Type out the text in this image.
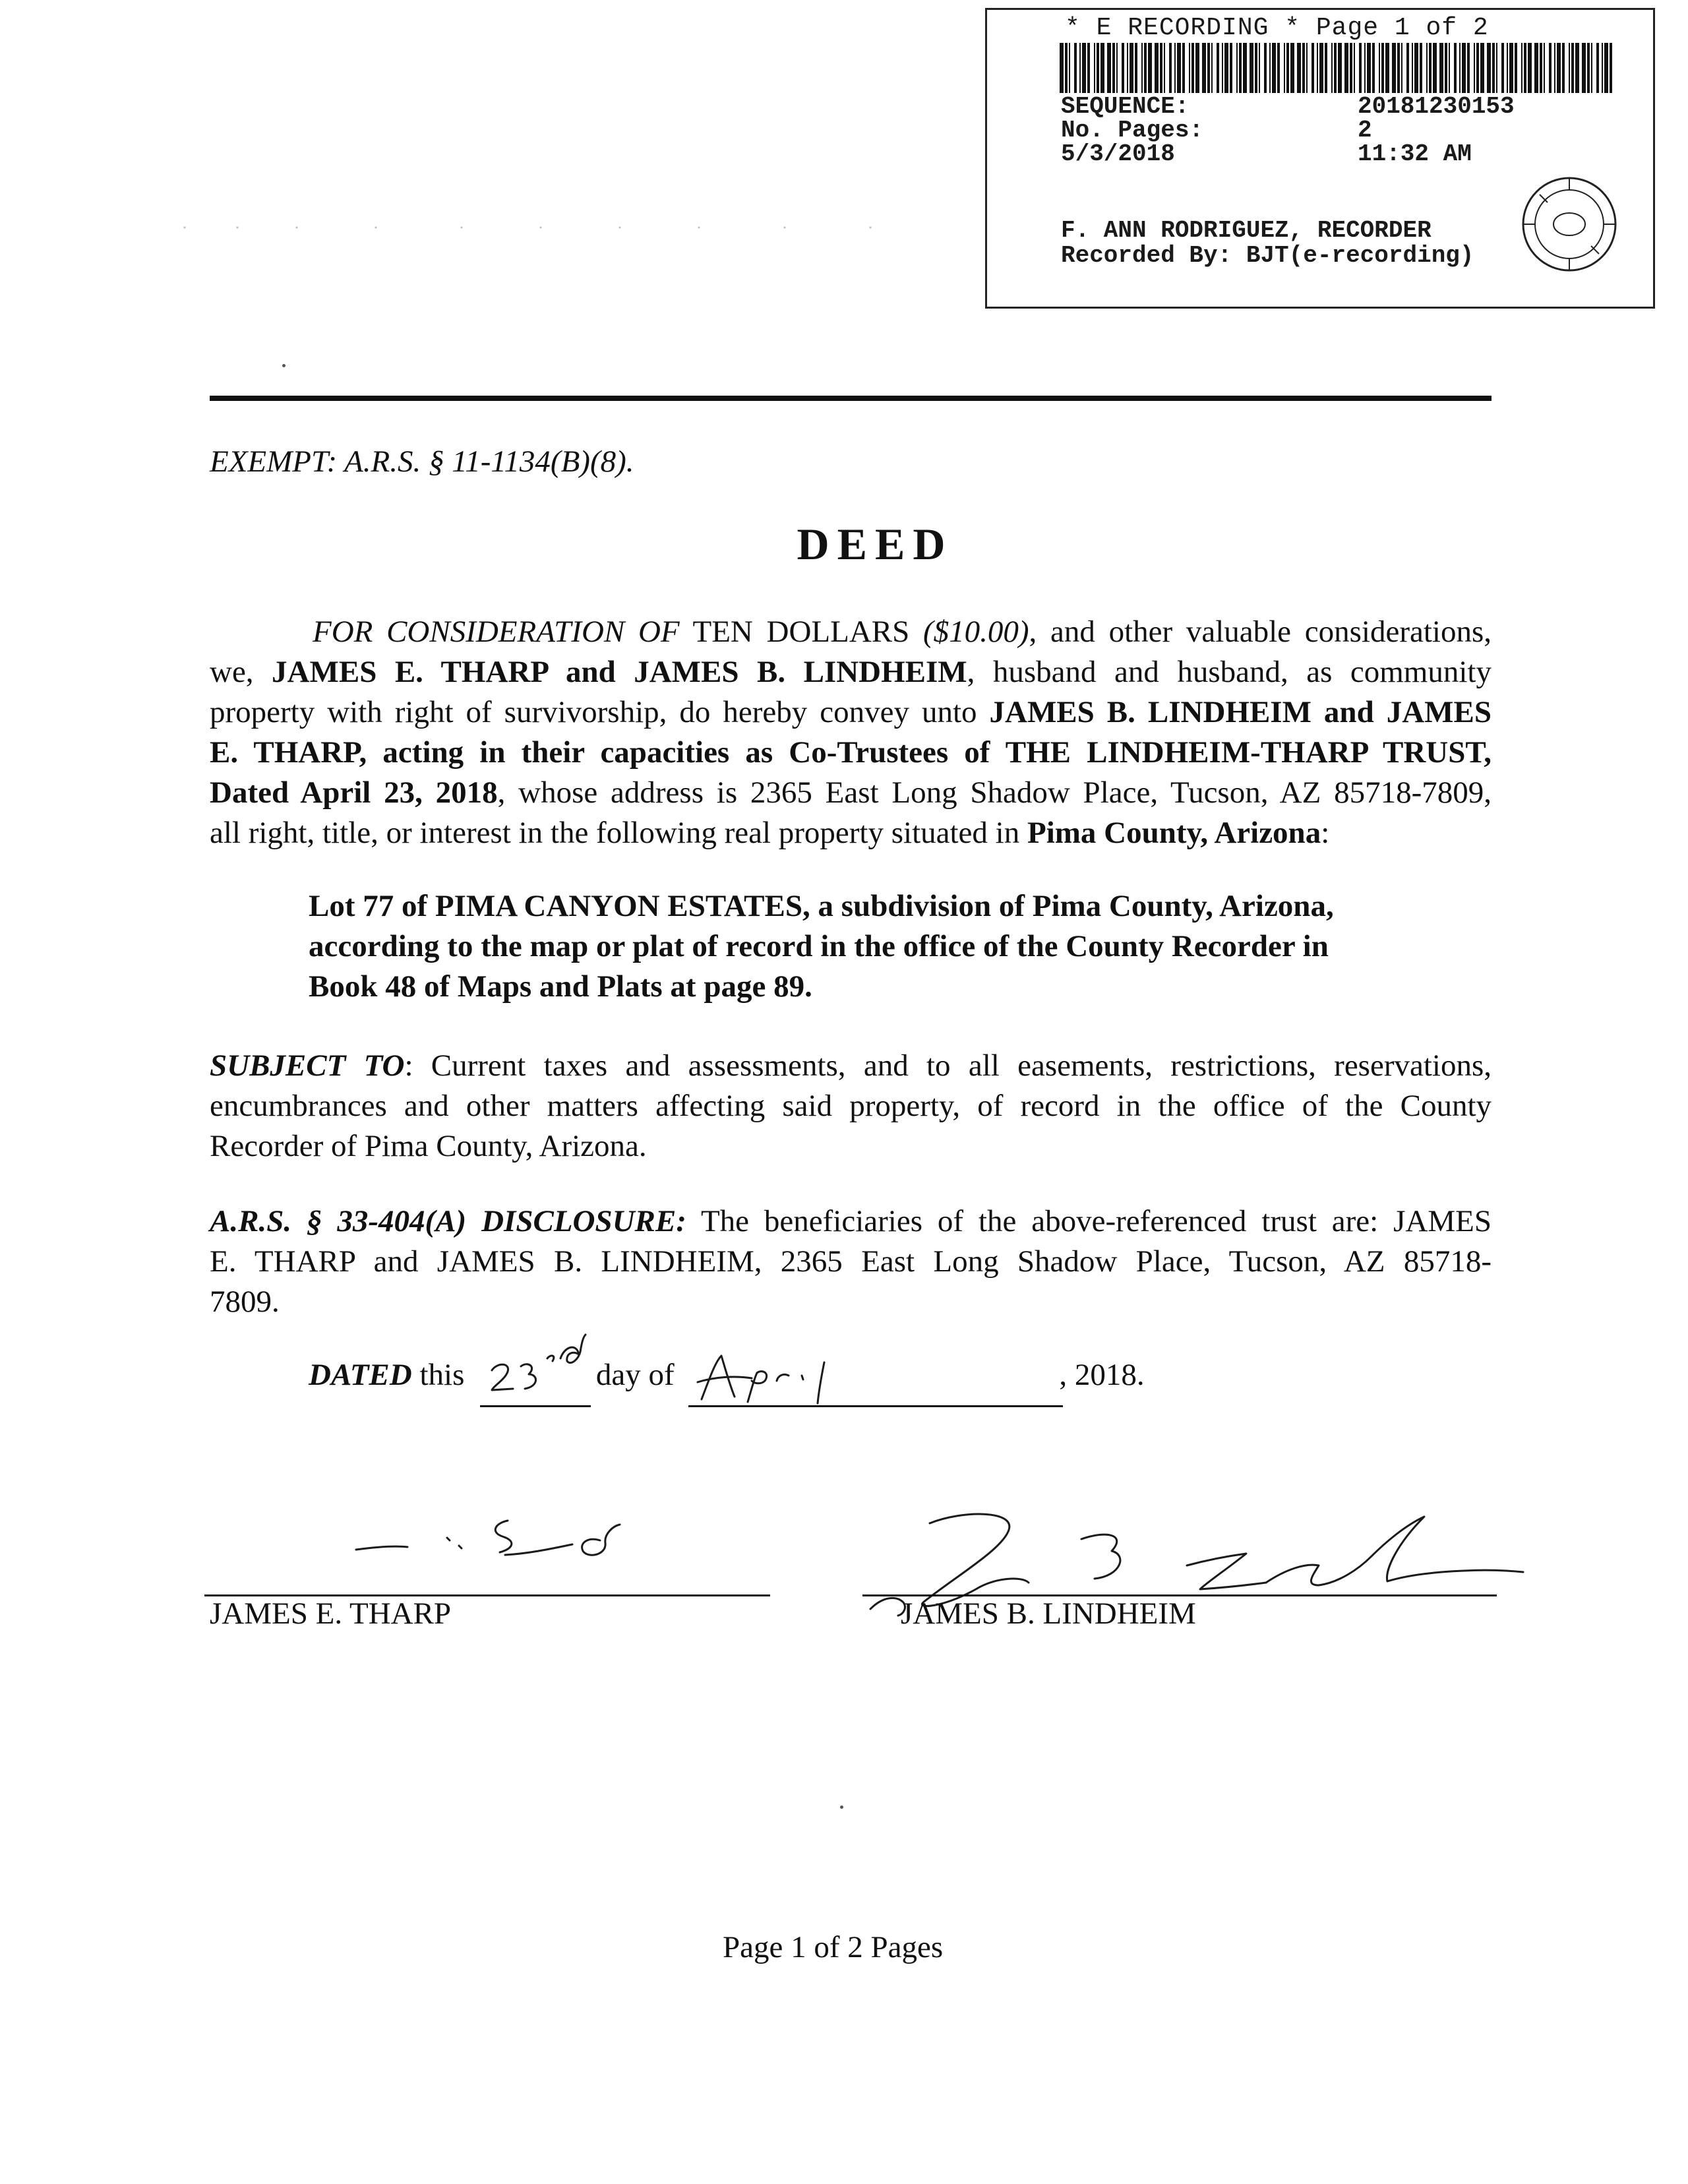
* E RECORDING * Page 1 of 2
SEQUENCE:	20181230153
No. Pages:	2
5/3/2018	11:32 AM
F. ANN RODRIGUEZ, RECORDER
Recorded By: BJT(e-recording)
EXEMPT: A.R.S. § 11-1134(B)(8).
DEED
FOR CONSIDERATION OF TEN DOLLARS ($10.00), and other valuable considerations,
we, JAMES E. THARP and JAMES B. LINDHEIM, husband and husband, as community
property with right of survivorship, do hereby convey unto JAMES B. LINDHEIM and JAMES
E. THARP, acting in their capacities as Co-Trustees of THE LINDHEIM-THARP TRUST,
Dated April 23, 2018, whose address is 2365 East Long Shadow Place, Tucson, AZ 85718-7809,
all right, title, or interest in the following real property situated in Pima County, Arizona:
Lot 77 of PIMA CANYON ESTATES, a subdivision of Pima County, Arizona,
according to the map or plat of record in the office of the County Recorder in
Book 48 of Maps and Plats at page 89.
SUBJECT TO: Current taxes and assessments, and to all easements, restrictions, reservations,
encumbrances and other matters affecting said property, of record in the office of the County
Recorder of Pima County, Arizona.
A.R.S. § 33-404(A) DISCLOSURE: The beneficiaries of the above-referenced trust are: JAMES
E. THARP and JAMES B. LINDHEIM, 2365 East Long Shadow Place, Tucson, AZ 85718-
7809.
DATED this	day of	, 2018.
JAMES E. THARP	JAMES B. LINDHEIM
Page 1 of 2 Pages
